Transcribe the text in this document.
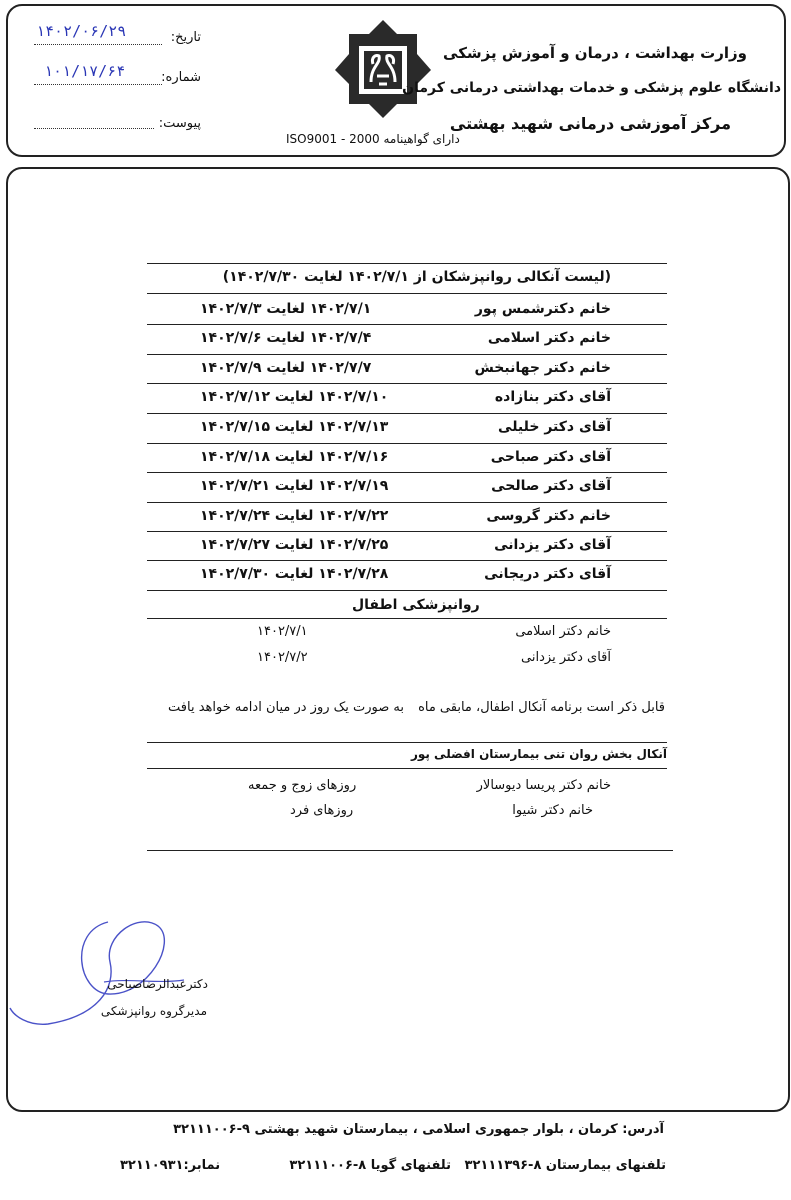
تاریخ:
۱۴۰۲/۰۶/۲۹
شماره:
۱۰۱/۱۷/۶۴
پیوست:
دارای گواهینامه 2000 - ISO9001
وزارت بهداشت ، درمان و آموزش پزشکی
دانشگاه علوم پزشکی و خدمات بهداشتی درمانی کرمان
مرکز آموزشی درمانی شهید بهشتی
(لیست آنکالی روانپزشکان از ۱۴۰۲/۷/۱ لغایت ۱۴۰۲/۷/۳۰)
خانم دکترشمس پور
۱۴۰۲/۷/۱ لغایت ۱۴۰۲/۷/۳
خانم دکتر اسلامی
۱۴۰۲/۷/۴ لغایت ۱۴۰۲/۷/۶
خانم دکتر جهانبخش
۱۴۰۲/۷/۷ لغایت ۱۴۰۲/۷/۹
آقای دکتر بنازاده
۱۴۰۲/۷/۱۰ لغایت ۱۴۰۲/۷/۱۲
آقای دکتر خلیلی
۱۴۰۲/۷/۱۳ لغایت ۱۴۰۲/۷/۱۵
آقای دکتر صباحی
۱۴۰۲/۷/۱۶ لغایت ۱۴۰۲/۷/۱۸
آقای دکتر صالحی
۱۴۰۲/۷/۱۹ لغایت ۱۴۰۲/۷/۲۱
خانم دکتر گروسی
۱۴۰۲/۷/۲۲ لغایت ۱۴۰۲/۷/۲۴
آقای دکتر یزدانی
۱۴۰۲/۷/۲۵ لغایت ۱۴۰۲/۷/۲۷
آقای دکتر دریجانی
۱۴۰۲/۷/۲۸ لغایت ۱۴۰۲/۷/۳۰
روانپزشکی اطفال
خانم دکتر اسلامی
۱۴۰۲/۷/۱
آقای دکتر یزدانی
۱۴۰۲/۷/۲
قابل ذکر است برنامه آنکال اطفال، مابقی ماه
به صورت یک روز در میان ادامه خواهد یافت
آنکال بخش روان تنی بیمارستان افضلی پور
خانم دکتر پریسا دیوسالار
روزهای زوج و جمعه
خانم دکتر شیوا
روزهای فرد
دکترعبدالرضاصباحی
مدیرگروه روانپزشکی
آدرس: کرمان ، بلوار جمهوری اسلامی ، بیمارستان شهید بهشتی ۹-۳۲۱۱۱۰۰۶
تلفنهای بیمارستان ۸-۳۲۱۱۱۳۹۶
تلفنهای گویا ۸-۳۲۱۱۱۰۰۶
نمابر:۳۲۱۱۰۹۳۱
